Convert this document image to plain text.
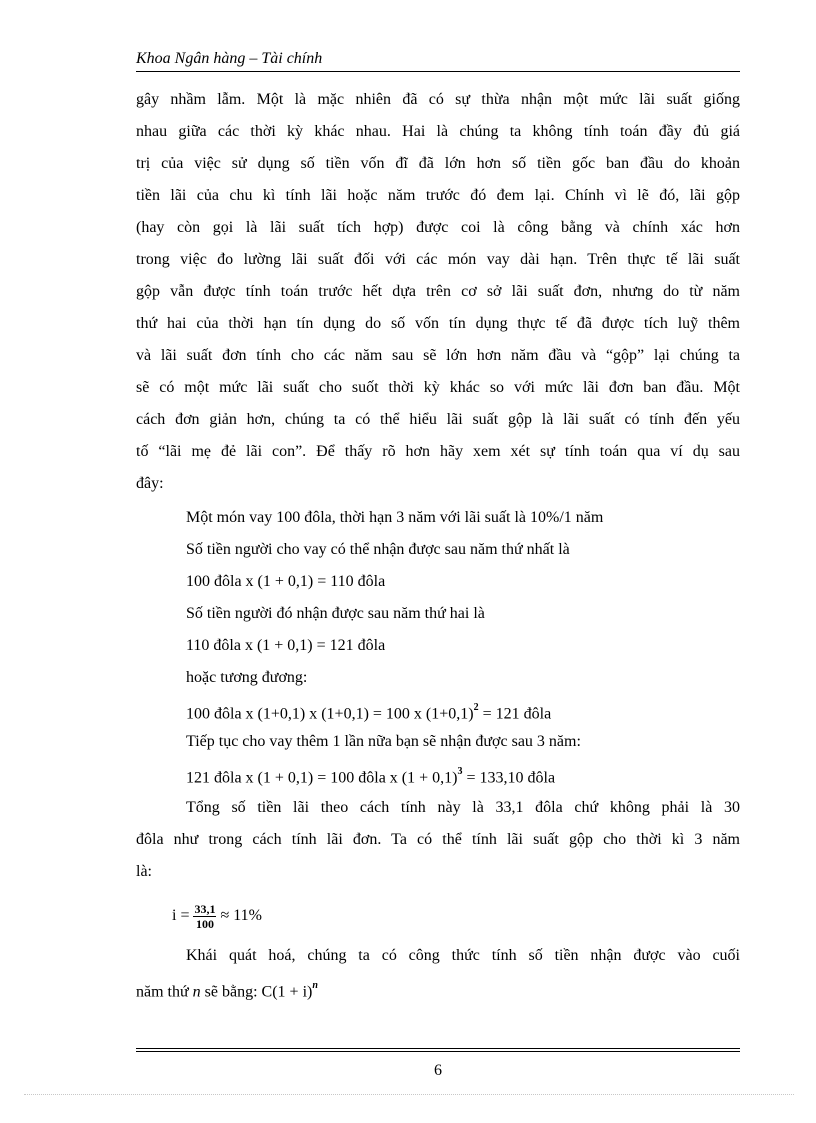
Khoa Ngân hàng – Tài chính
gây nhầm lẫm. Một là mặc nhiên đã có sự thừa nhận một mức lãi suất giống
nhau giữa các thời kỳ khác nhau. Hai là chúng ta không tính toán đầy đủ giá
trị của việc sử dụng số tiền vốn đĩ đã lớn hơn số tiền gốc ban đầu do khoản
tiền lãi của chu kì tính lãi hoặc năm trước đó đem lại. Chính vì lẽ đó, lãi gộp
(hay còn gọi là lãi suất tích hợp) được coi là công bằng và chính xác hơn
trong việc đo lường lãi suất đối với các món vay dài hạn. Trên thực tế lãi suất
gộp vẫn được tính toán trước hết dựa trên cơ sở lãi suất đơn, nhưng do từ năm
thứ hai của thời hạn tín dụng do số vốn tín dụng thực tế đã được tích luỹ thêm
và lãi suất đơn tính cho các năm sau sẽ lớn hơn năm đầu và “gộp” lại chúng ta
sẽ có một mức lãi suất cho suốt thời kỳ khác so với mức lãi đơn ban đầu. Một
cách đơn giản hơn, chúng ta có thể hiểu lãi suất gộp là lãi suất có tính đến yếu
tố “lãi mẹ đẻ lãi con”. Để thấy rõ hơn hãy xem xét sự tính toán qua ví dụ sau
đây:
Một món vay 100 đôla, thời hạn 3 năm với lãi suất là 10%/1 năm
Số tiền người cho vay có thể nhận được sau năm thứ nhất là
100 đôla x (1 + 0,1) = 110 đôla
Số tiền người đó nhận được sau năm thứ hai là
110 đôla x (1 + 0,1) = 121 đôla
hoặc tương đương:
100 đôla x (1+0,1) x (1+0,1) = 100 x $(1+0,1)^2 = 121$ đôla
Tiếp tục cho vay thêm 1 lần nữa bạn sẽ nhận được sau 3 năm:
121 đôla x (1 + 0,1) = 100 đôla x $(1 + 0,1)^3 = 133,10$ đôla
Tổng số tiền lãi theo cách tính này là 33,1 đôla chứ không phải là 30
đôla như trong cách tính lãi đơn. Ta có thể tính lãi suất gộp cho thời kì 3 năm
là:
$i = \frac{33,1}{100} \approx 11\%$
Khái quát hoá, chúng ta có công thức tính số tiền nhận được vào cuối
năm thứ n sẽ bằng: $C(1 + i)^n$
6
